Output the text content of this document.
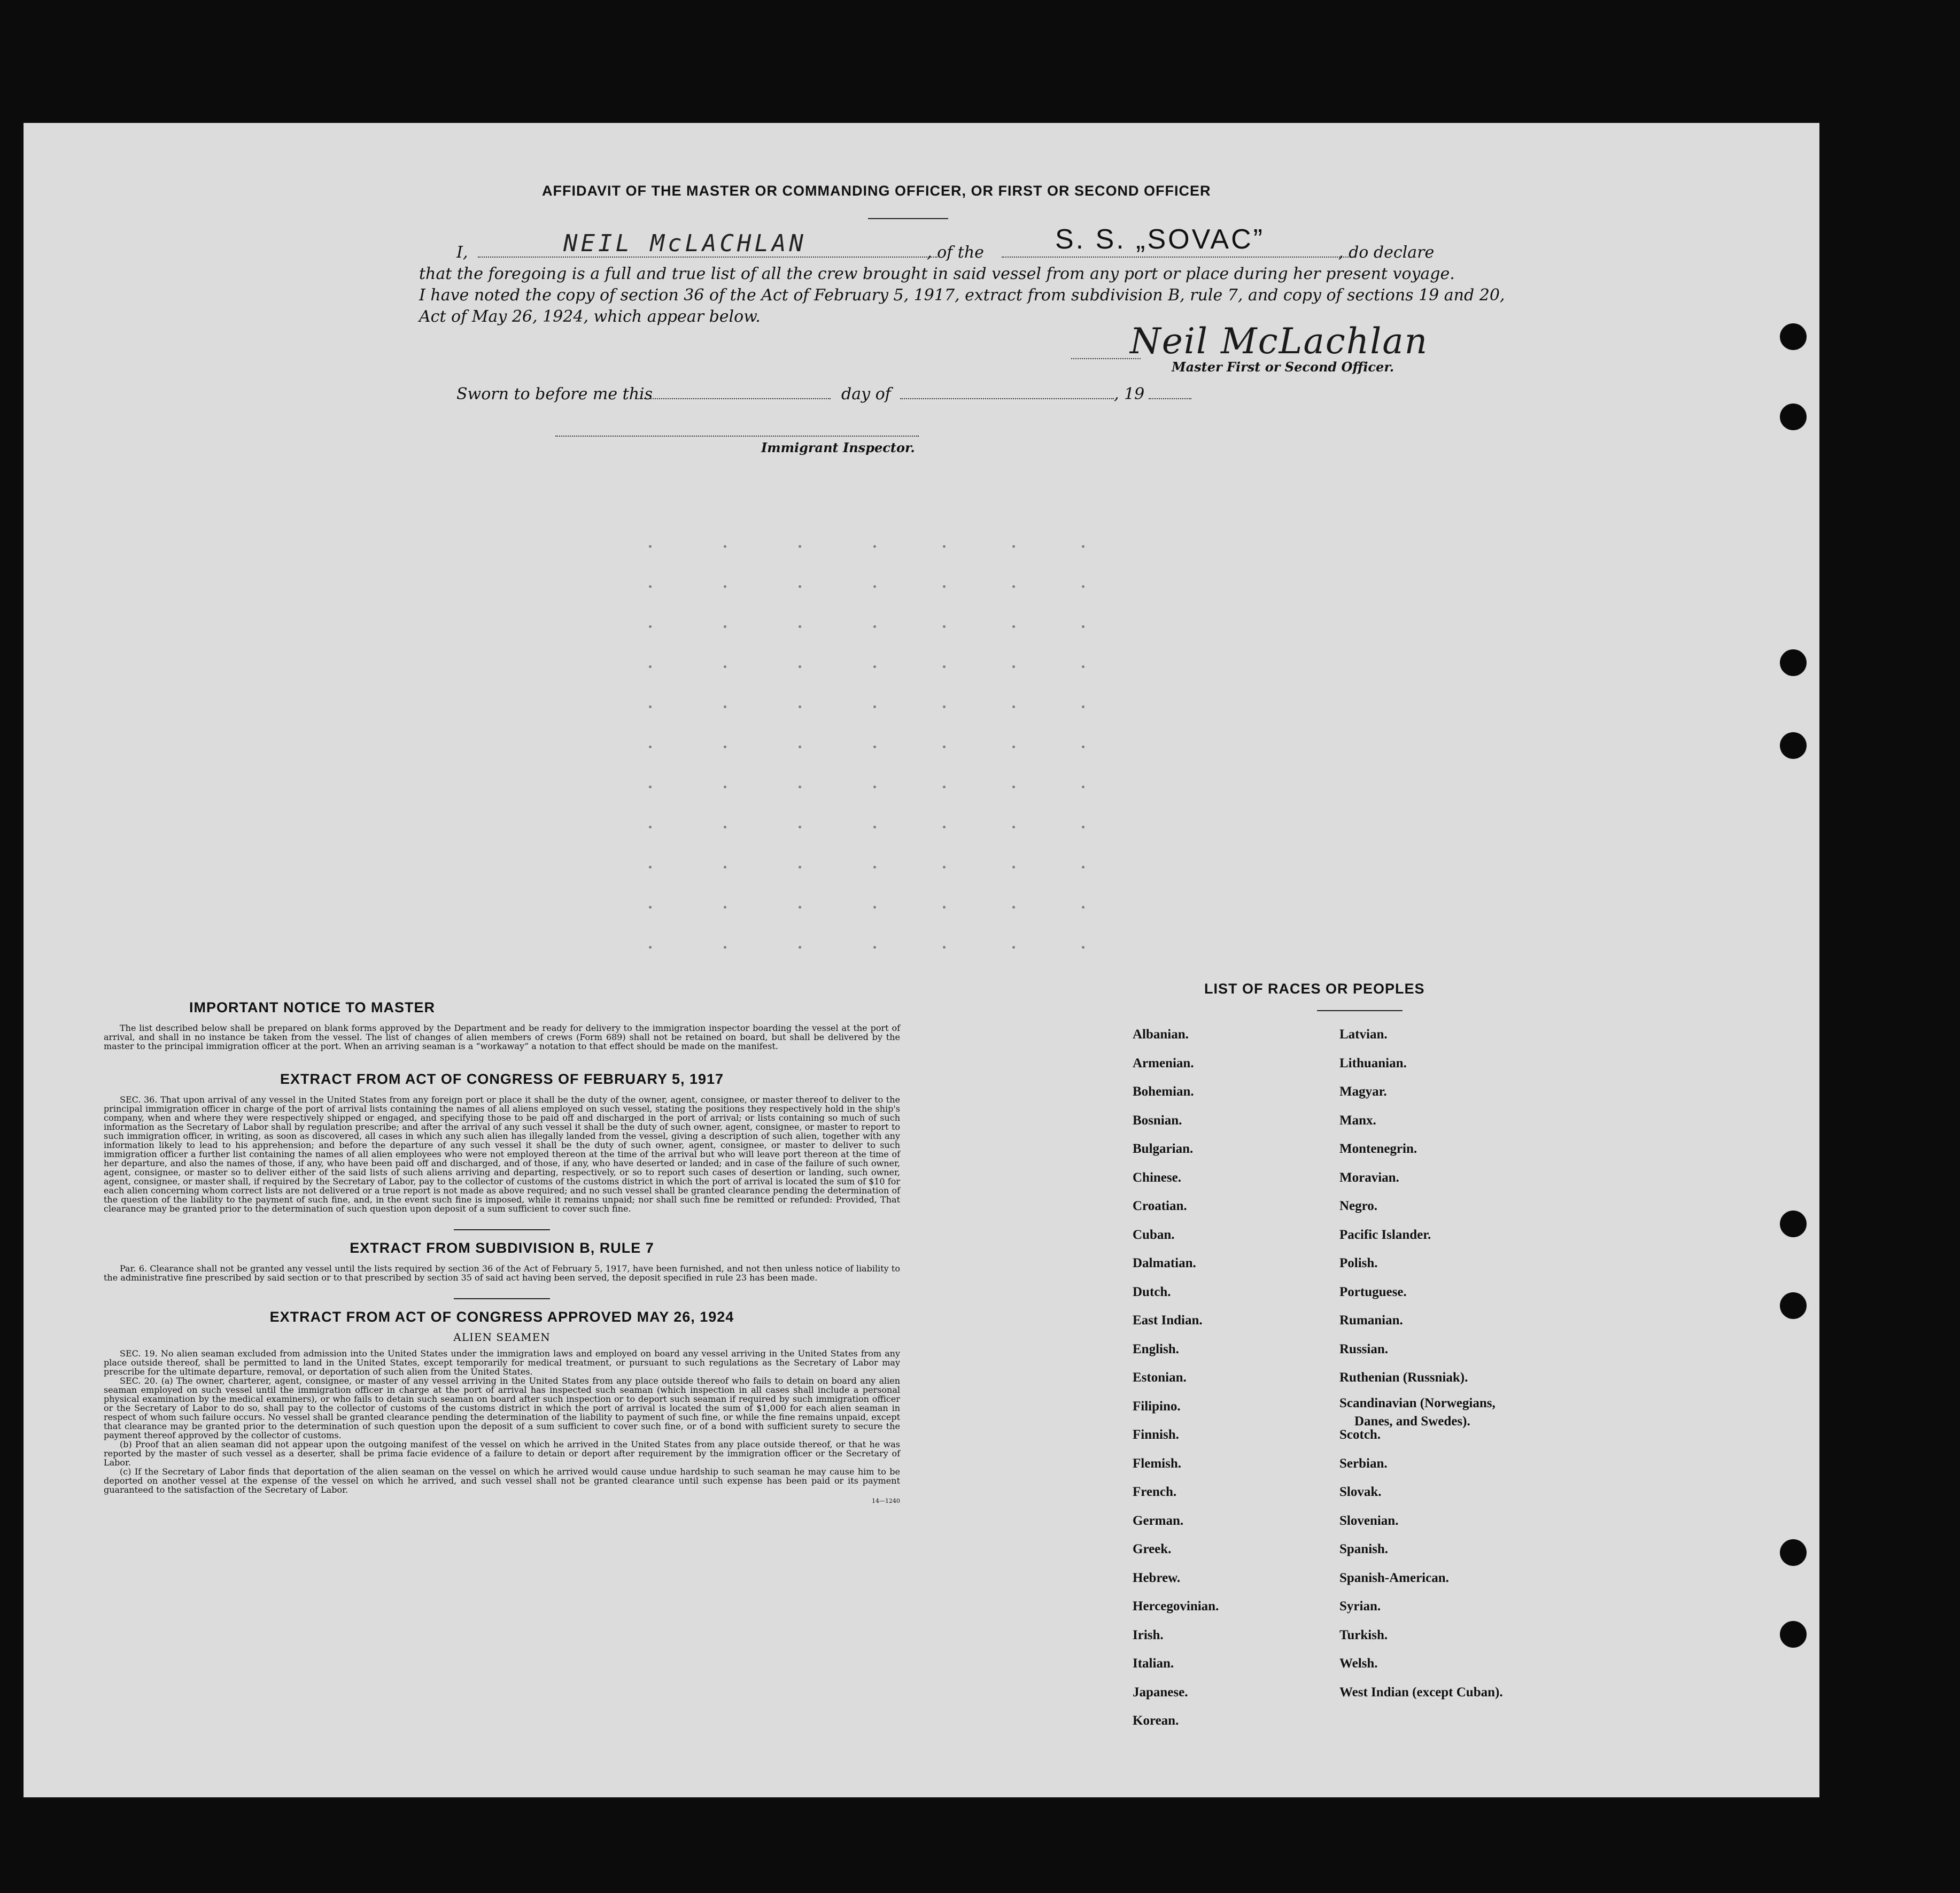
AFFIDAVIT OF THE MASTER OR COMMANDING OFFICER, OR FIRST OR SECOND OFFICER
I,	NEIL McLACHLAN	, of the	S. S. „SOVAC”	, do declare
that the foregoing is a full and true list of all the crew brought in said vessel from any port or place during her present voyage.
I have noted the copy of section 36 of the Act of February 5, 1917, extract from subdivision B, rule 7, and copy of sections 19 and 20,
Act of May 26, 1924, which appear below.
Neil McLachlan
Master First or Second Officer.
Sworn to before me this	day of	, 19
Immigrant Inspector.
IMPORTANT NOTICE TO MASTER
The list described below shall be prepared on blank forms approved by the Department and be ready for delivery to the immigration inspector boarding the vessel at the port of arrival, and shall in no instance be taken from the vessel. The list of changes of alien members of crews (Form 689) shall not be retained on board, but shall be delivered by the master to the principal immigration officer at the port. When an arriving seaman is a “workaway” a notation to that effect should be made on the manifest.
EXTRACT FROM ACT OF CONGRESS OF FEBRUARY 5, 1917
SEC. 36. That upon arrival of any vessel in the United States from any foreign port or place it shall be the duty of the owner, agent, consignee, or master thereof to deliver to the principal immigration officer in charge of the port of arrival lists containing the names of all aliens employed on such vessel, stating the positions they respectively hold in the ship's company, when and where they were respectively shipped or engaged, and specifying those to be paid off and discharged in the port of arrival; or lists containing so much of such information as the Secretary of Labor shall by regulation prescribe; and after the arrival of any such vessel it shall be the duty of such owner, agent, consignee, or master to report to such immigration officer, in writing, as soon as discovered, all cases in which any such alien has illegally landed from the vessel, giving a description of such alien, together with any information likely to lead to his apprehension; and before the departure of any such vessel it shall be the duty of such owner, agent, consignee, or master to deliver to such immigration officer a further list containing the names of all alien employees who were not employed thereon at the time of the arrival but who will leave port thereon at the time of her departure, and also the names of those, if any, who have been paid off and discharged, and of those, if any, who have deserted or landed; and in case of the failure of such owner, agent, consignee, or master so to deliver either of the said lists of such aliens arriving and departing, respectively, or so to report such cases of desertion or landing, such owner, agent, consignee, or master shall, if required by the Secretary of Labor, pay to the collector of customs of the customs district in which the port of arrival is located the sum of $10 for each alien concerning whom correct lists are not delivered or a true report is not made as above required; and no such vessel shall be granted clearance pending the determination of the question of the liability to the payment of such fine, and, in the event such fine is imposed, while it remains unpaid; nor shall such fine be remitted or refunded: Provided, That clearance may be granted prior to the determination of such question upon deposit of a sum sufficient to cover such fine.
EXTRACT FROM SUBDIVISION B, RULE 7
Par. 6. Clearance shall not be granted any vessel until the lists required by section 36 of the Act of February 5, 1917, have been furnished, and not then unless notice of liability to the administrative fine prescribed by said section or to that prescribed by section 35 of said act having been served, the deposit specified in rule 23 has been made.
EXTRACT FROM ACT OF CONGRESS APPROVED MAY 26, 1924
ALIEN SEAMEN
SEC. 19. No alien seaman excluded from admission into the United States under the immigration laws and employed on board any vessel arriving in the United States from any place outside thereof, shall be permitted to land in the United States, except temporarily for medical treatment, or pursuant to such regulations as the Secretary of Labor may prescribe for the ultimate departure, removal, or deportation of such alien from the United States.
SEC. 20. (a) The owner, charterer, agent, consignee, or master of any vessel arriving in the United States from any place outside thereof who fails to detain on board any alien seaman employed on such vessel until the immigration officer in charge at the port of arrival has inspected such seaman (which inspection in all cases shall include a personal physical examination by the medical examiners), or who fails to detain such seaman on board after such inspection or to deport such seaman if required by such immigration officer or the Secretary of Labor to do so, shall pay to the collector of customs of the customs district in which the port of arrival is located the sum of $1,000 for each alien seaman in respect of whom such failure occurs. No vessel shall be granted clearance pending the determination of the liability to payment of such fine, or while the fine remains unpaid, except that clearance may be granted prior to the determination of such question upon the deposit of a sum sufficient to cover such fine, or of a bond with sufficient surety to secure the payment thereof approved by the collector of customs.
(b) Proof that an alien seaman did not appear upon the outgoing manifest of the vessel on which he arrived in the United States from any place outside thereof, or that he was reported by the master of such vessel as a deserter, shall be prima facie evidence of a failure to detain or deport after requirement by the immigration officer or the Secretary of Labor.
(c) If the Secretary of Labor finds that deportation of the alien seaman on the vessel on which he arrived would cause undue hardship to such seaman he may cause him to be deported on another vessel at the expense of the vessel on which he arrived, and such vessel shall not be granted clearance until such expense has been paid or its payment guaranteed to the satisfaction of the Secretary of Labor.
14—1240
LIST OF RACES OR PEOPLES
Albanian.
Armenian.
Bohemian.
Bosnian.
Bulgarian.
Chinese.
Croatian.
Cuban.
Dalmatian.
Dutch.
East Indian.
English.
Estonian.
Filipino.
Finnish.
Flemish.
French.
German.
Greek.
Hebrew.
Hercegovinian.
Irish.
Italian.
Japanese.
Korean.
Latvian.
Lithuanian.
Magyar.
Manx.
Montenegrin.
Moravian.
Negro.
Pacific Islander.
Polish.
Portuguese.
Rumanian.
Russian.
Ruthenian (Russniak).
Scandinavian (Norwegians,
Danes, and Swedes).
Scotch.
Serbian.
Slovak.
Slovenian.
Spanish.
Spanish-American.
Syrian.
Turkish.
Welsh.
West Indian (except Cuban).
